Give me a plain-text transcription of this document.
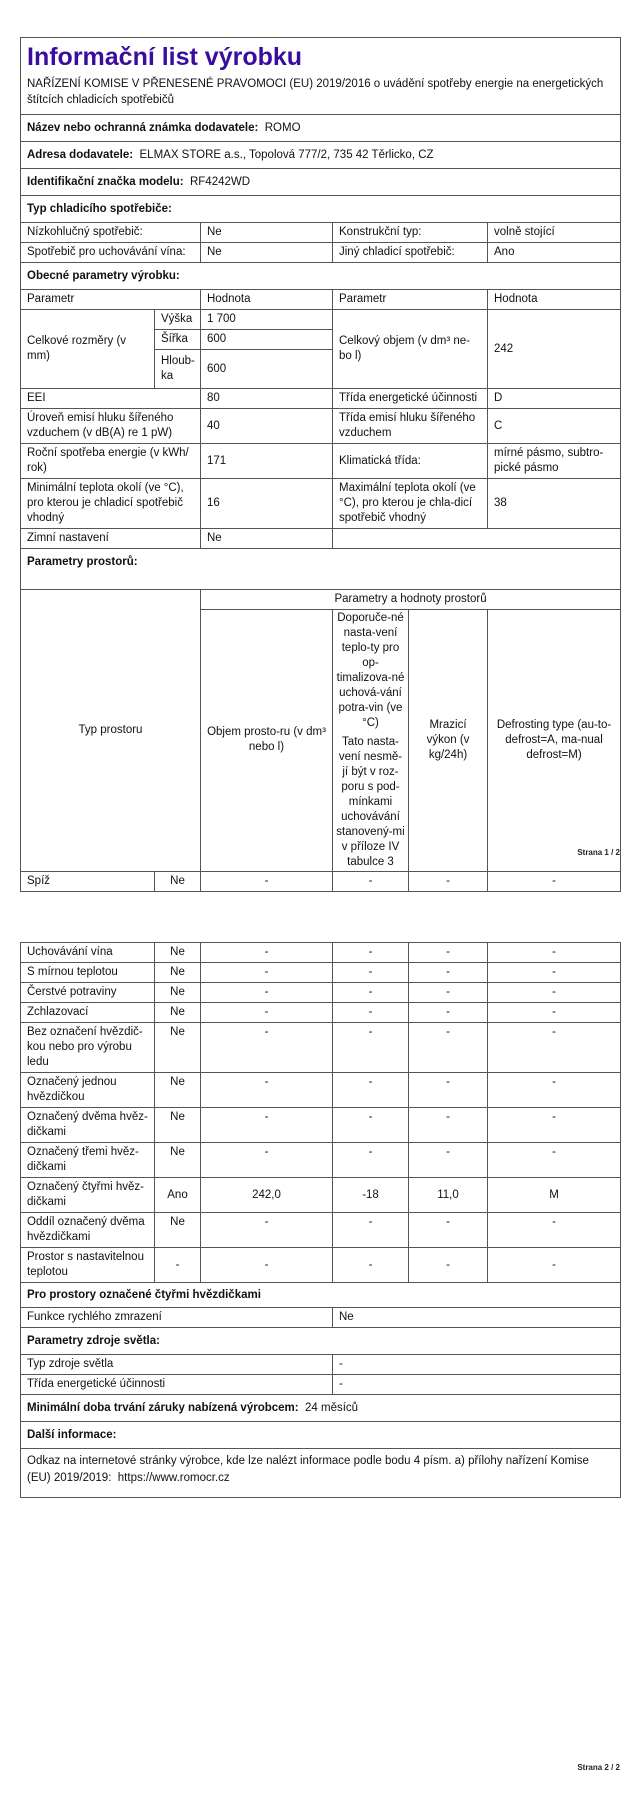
Informační list výrobku					
NAŘÍZENÍ KOMISE V PŘENESENÉ PRAVOMOCI (EU) 2019/2016 o uvádění spotřeby energie na energetických štítcích chladicích spotřebičů					
Název nebo ochranná známka dodavatele: ROMO					
Adresa dodavatele: ELMAX STORE a.s., Topolová 777/2, 735 42 Těrlicko, CZ					
Identifikační značka modelu: RF4242WD					
Typ chladicího spotřebiče:					
Nízkohlučný spotřebič:		Ne	Konstrukční typ:		volně stojící
Spotřebič pro uchovávání vína:		Ne	Jiný chladicí spotřebič:		Ano
Obecné parametry výrobku:					
Parametr		Hodnota	Parametr		Hodnota
Celkové rozměry (v mm)	Výška	1 700	Celkový objem (v dm³ ne-bo l)		242
	Šířka	600			
	Hloub-ka	600			
EEI		80	Třída energetické účinnosti		D
Úroveň emisí hluku šířeného vzduchem (v dB(A) re 1 pW)		40	Třída emisí hluku šířeného vzduchem		C
Roční spotřeba energie (v kWh/ rok)		171	Klimatická třída:		mírné pásmo, subtro-pické pásmo
Minimální teplota okolí (ve °C), pro kterou je chladicí spotřebič vhodný		16	Maximální teplota okolí (ve °C), pro kterou je chla-dicí spotřebič vhodný		38
Zimní nastavení		Ne			
Parametry prostorů:					

Typ prostoru		Parametry a hodnoty prostorů			
		Objem prosto-ru (v dm³ nebo l)	Doporuče-né nasta-vení teplo-ty pro op-timalizova-né uchová-vání potra-vin (ve °C)
Tato nasta-vení nesmě-jí být v roz-poru s pod-mínkami uchovávání stanovený-mi v příloze IV tabulce 3	Mrazicí výkon (v kg/24h)	Defrosting type (au-to-defrost=A, ma-nual defrost=M)
Spíž	Ne	-	-	-	-
Strana 1 / 2
Uchovávání vína	Ne	-	-	-	-
S mírnou teplotou	Ne	-	-	-	-
Čerstvé potraviny	Ne	-	-	-	-
Zchlazovací	Ne	-	-	-	-
Bez označení hvězdič-kou nebo pro výrobu ledu	Ne	-	-	-	-
Označený jednou hvězdičkou	Ne	-	-	-	-
Označený dvěma hvěz-dičkami	Ne	-	-	-	-
Označený třemi hvěz-dičkami	Ne	-	-	-	-
Označený čtyřmi hvěz-dičkami	Ano	242,0	-18	11,0	M
Oddíl označený dvěma hvězdičkami	Ne	-	-	-	-
Prostor s nastavitelnou teplotou	-	-	-	-	-
Pro prostory označené čtyřmi hvězdičkami					
Funkce rychlého zmrazení			Ne		
Parametry zdroje světla:					
Typ zdroje světla			-		
Třída energetické účinnosti			-		
Minimální doba trvání záruky nabízená výrobcem: 24 měsíců					
Další informace:					
Odkaz na internetové stránky výrobce, kde lze nalézt informace podle bodu 4 písm. a) přílohy nařízení Komise (EU) 2019/2019: https://www.romocr.cz					
Strana 2 / 2
